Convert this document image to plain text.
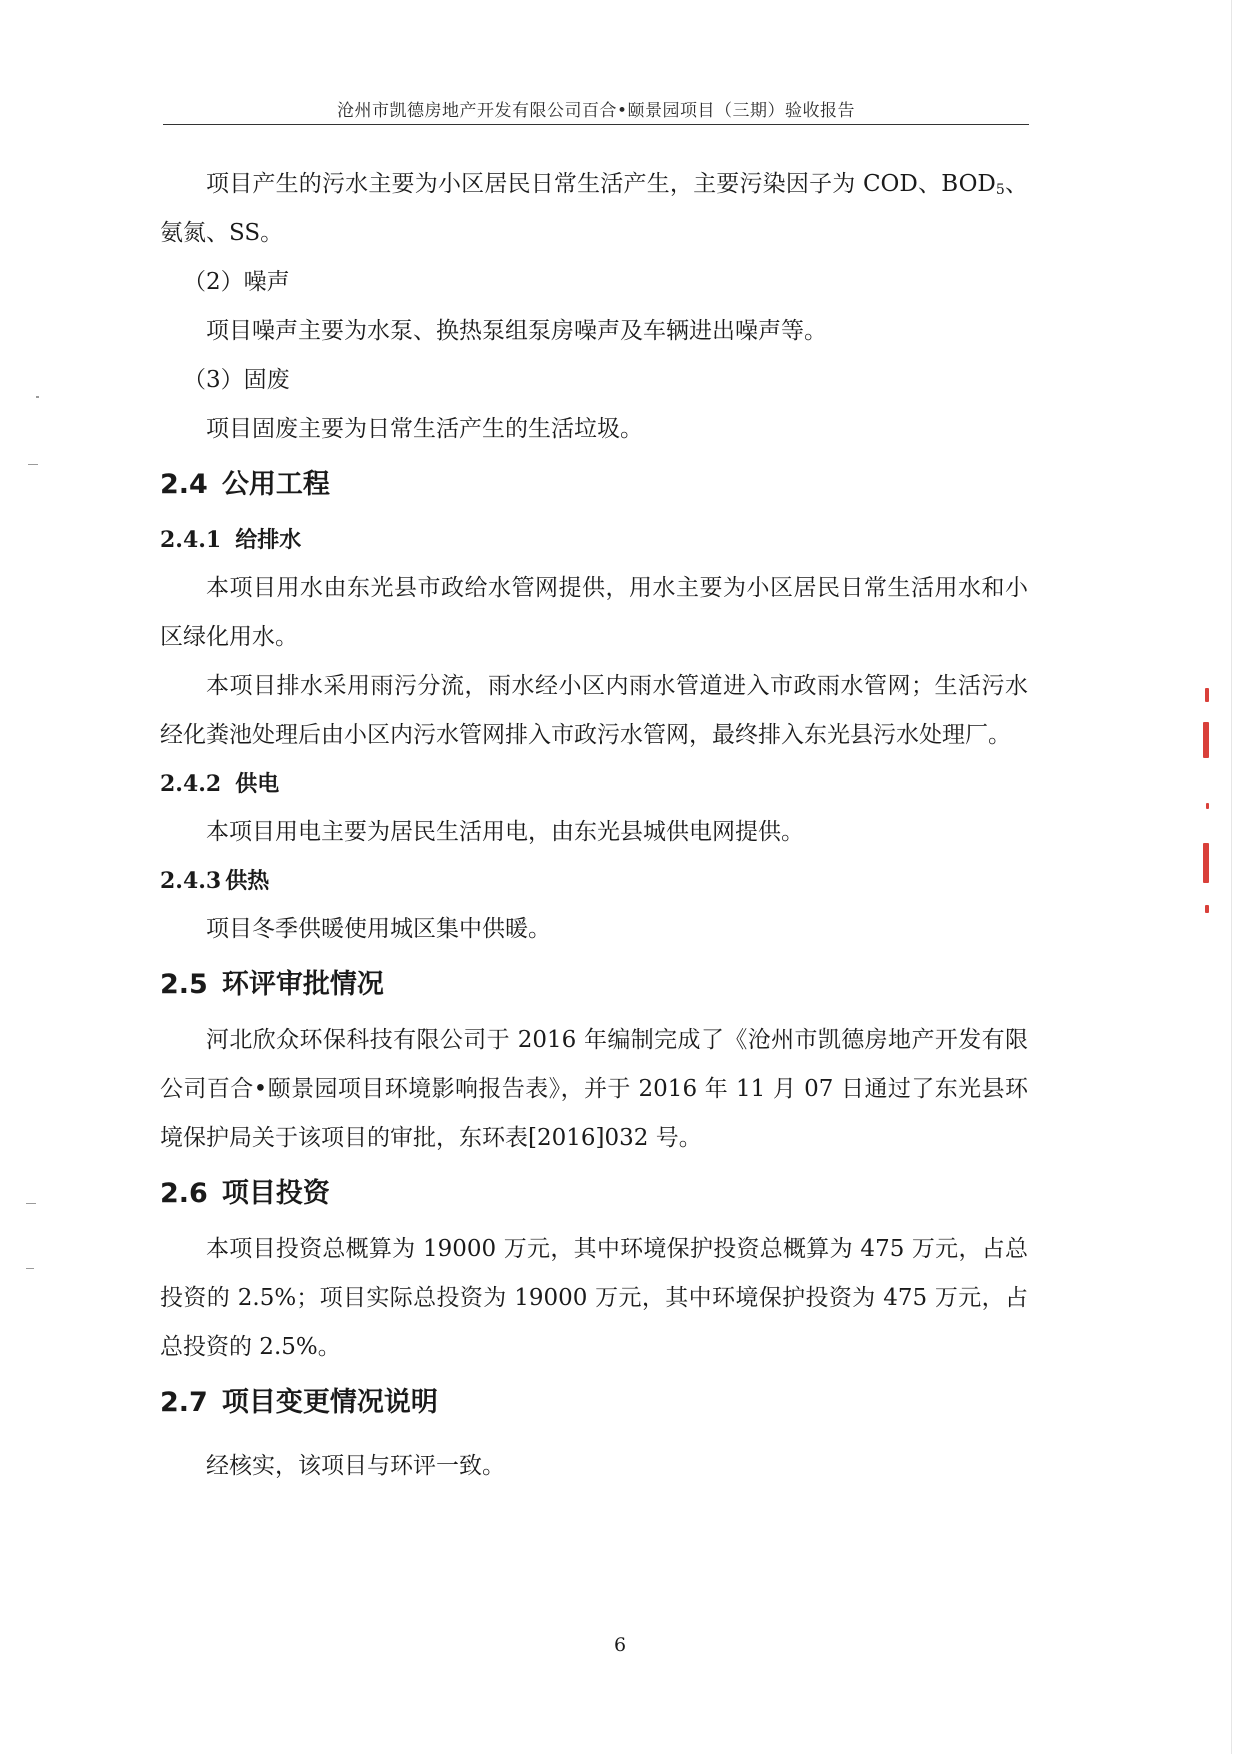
沧州市凯德房地产开发有限公司百合•颐景园项目（三期）验收报告

项目产生的污水主要为小区居民日常生活产生，主要污染因子为 COD、$BOD_5$、氨氮、SS。

（2）噪声

项目噪声主要为水泵、换热泵组泵房噪声及车辆进出噪声等。

（3）固废

项目固废主要为日常生活产生的生活垃圾。

2.4 公用工程
2.4.1 给排水

本项目用水由东光县市政给水管网提供，用水主要为小区居民日常生活用水和小区绿化用水。

本项目排水采用雨污分流，雨水经小区内雨水管道进入市政雨水管网；生活污水经化粪池处理后由小区内污水管网排入市政污水管网，最终排入东光县污水处理厂。

2.4.2 供电

本项目用电主要为居民生活用电，由东光县城供电网提供。

2.4.3 供热

项目冬季供暖使用城区集中供暖。

2.5 环评审批情况

河北欣众环保科技有限公司于 2016 年编制完成了《沧州市凯德房地产开发有限公司百合•颐景园项目环境影响报告表》，并于 2016 年 11 月 07 日通过了东光县环境保护局关于该项目的审批，东环表[2016]032 号。

2.6 项目投资

本项目投资总概算为 19000 万元，其中环境保护投资总概算为 475 万元，占总投资的 2.5%；项目实际总投资为 19000 万元，其中环境保护投资为 475 万元，占总投资的 2.5%。

2.7 项目变更情况说明

经核实，该项目与环评一致。

6
